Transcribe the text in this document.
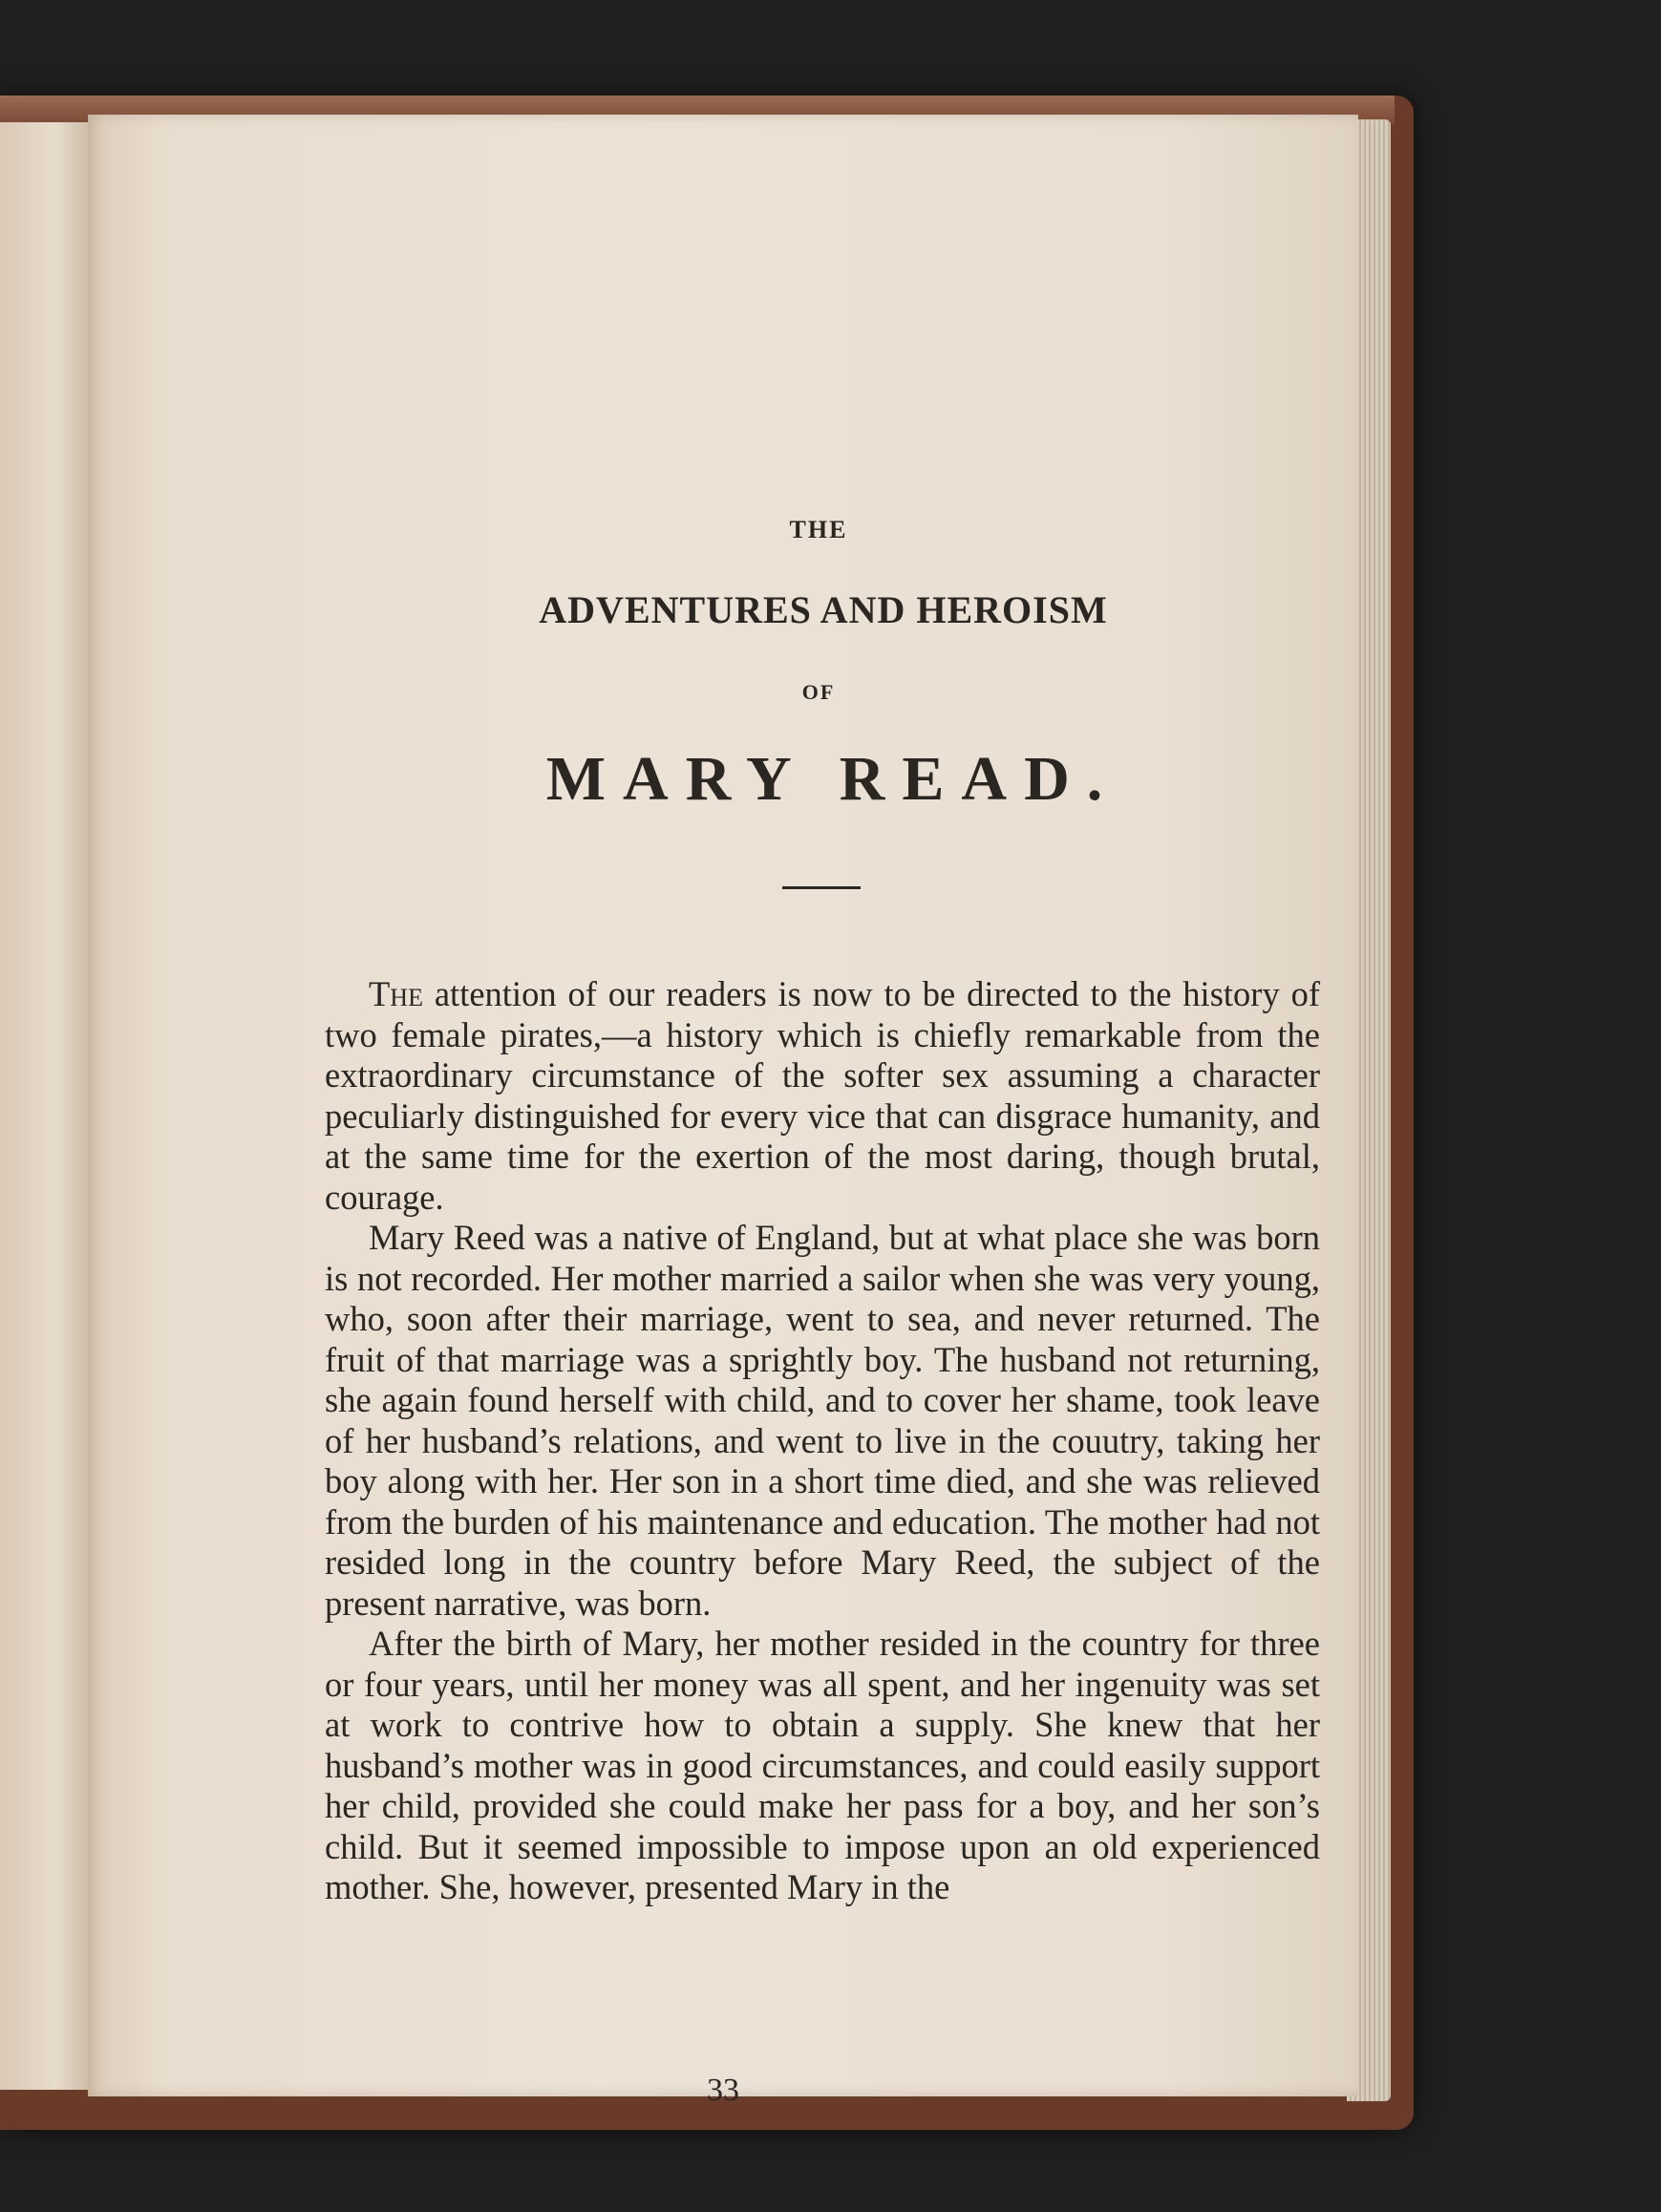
THE
ADVENTURES AND HEROISM
OF
MARY READ.

The attention of our readers is now to be directed to the history of two female pirates,—a history which is chiefly remarkable from the extraordinary circumstance of the softer sex assuming a character peculiarly distinguished for every vice that can disgrace humanity, and at the same time for the exertion of the most daring, though brutal, courage.

Mary Reed was a native of England, but at what place she was born is not recorded. Her mother married a sailor when she was very young, who, soon after their marriage, went to sea, and never returned. The fruit of that marriage was a sprightly boy. The husband not returning, she again found herself with child, and to cover her shame, took leave of her husband’s relations, and went to live in the couutry, taking her boy along with her. Her son in a short time died, and she was relieved from the burden of his maintenance and education. The mother had not resided long in the country before Mary Reed, the subject of the present narrative, was born.

After the birth of Mary, her mother resided in the country for three or four years, until her money was all spent, and her ingenuity was set at work to contrive how to obtain a supply. She knew that her husband’s mother was in good circumstances, and could easily support her child, provided she could make her pass for a boy, and her son’s child. But it seemed impossible to impose upon an old experienced mother. She, however, presented Mary in the

33
